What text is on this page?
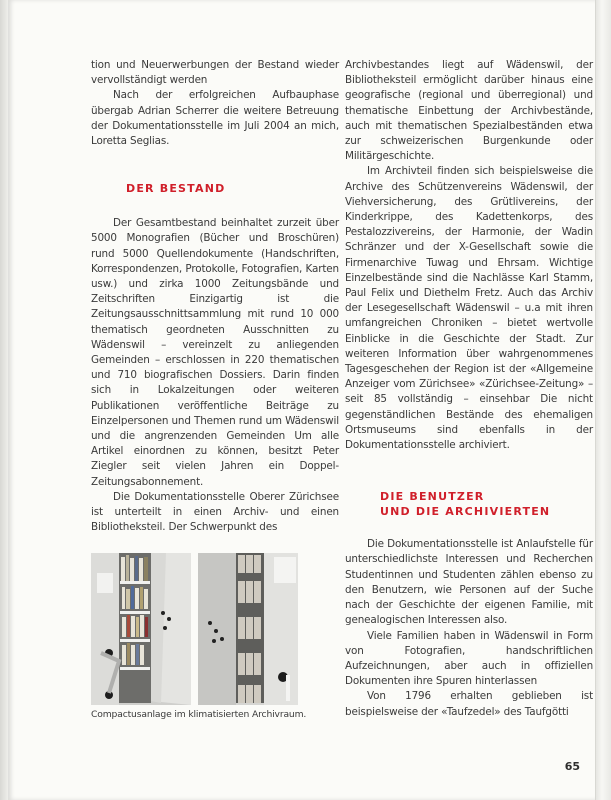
tion und Neuerwerbungen der Bestand wieder vervollständigt werden

Nach der erfolgreichen Aufbauphase übergab Adrian Scherrer die weitere Betreuung der Dokumentationsstelle im Juli 2004 an mich, Loretta Seglias.

DER BESTAND

Der Gesamtbestand beinhaltet zurzeit über 5000 Monografien (Bücher und Broschüren) rund 5000 Quellendokumente (Handschriften, Korrespondenzen, Protokolle, Fotografien, Karten usw.) und zirka 1000 Zeitungsbände und Zeitschriften Einzigartig ist die Zeitungsausschnittsammlung mit rund 10 000 thematisch geordneten Ausschnitten zu Wädenswil – vereinzelt zu anliegenden Gemeinden – erschlossen in 220 thematischen und 710 biografischen Dossiers. Darin finden sich in Lokalzeitungen oder weiteren Publikationen veröffentliche Beiträge zu Einzelpersonen und Themen rund um Wädenswil und die angrenzenden Gemeinden Um alle Artikel einordnen zu können, besitzt Peter Ziegler seit vielen Jahren ein Doppel-Zeitungsabonnement.

Die Dokumentationsstelle Oberer Zürichsee ist unterteilt in einen Archiv- und einen Bibliotheksteil. Der Schwerpunkt des

Compactusanlage im klimatisierten Archivraum.

Archivbestandes liegt auf Wädenswil, der Bibliotheksteil ermöglicht darüber hinaus eine geografische (regional und überregional) und thematische Einbettung der Archivbestände, auch mit thematischen Spezialbeständen etwa zur schweizerischen Burgenkunde oder Militärgeschichte.

Im Archivteil finden sich beispielsweise die Archive des Schützenvereins Wädenswil, der Viehversicherung, des Grütlivereins, der Kinderkrippe, des Kadettenkorps, des Pestalozzivereins, der Harmonie, der Wadin Schränzer und der X-Gesellschaft sowie die Firmenarchive Tuwag und Ehrsam. Wichtige Einzelbestände sind die Nachlässe Karl Stamm, Paul Felix und Diethelm Fretz. Auch das Archiv der Lesegesellschaft Wädenswil – u.a mit ihren umfangreichen Chroniken – bietet wertvolle Einblicke in die Geschichte der Stadt. Zur weiteren Information über wahrgenommenes Tagesgeschehen der Region ist der «Allgemeine Anzeiger vom Zürichsee» «Zürichsee-Zeitung» – seit 85 vollständig – einsehbar Die nicht gegenständlichen Bestände des ehemaligen Ortsmuseums sind ebenfalls in der Dokumentationsstelle archiviert.

DIE BENUTZER
UND DIE ARCHIVIERTEN

Die Dokumentationsstelle ist Anlaufstelle für unterschiedlichste Interessen und Recherchen Studentinnen und Studenten zählen ebenso zu den Benutzern, wie Personen auf der Suche nach der Geschichte der eigenen Familie, mit genealogischen Interessen also.

Viele Familien haben in Wädenswil in Form von Fotografien, handschriftlichen Aufzeichnungen, aber auch in offiziellen Dokumenten ihre Spuren hinterlassen

Von 1796 erhalten geblieben ist beispielsweise der «Taufzedel» des Taufgötti

65
